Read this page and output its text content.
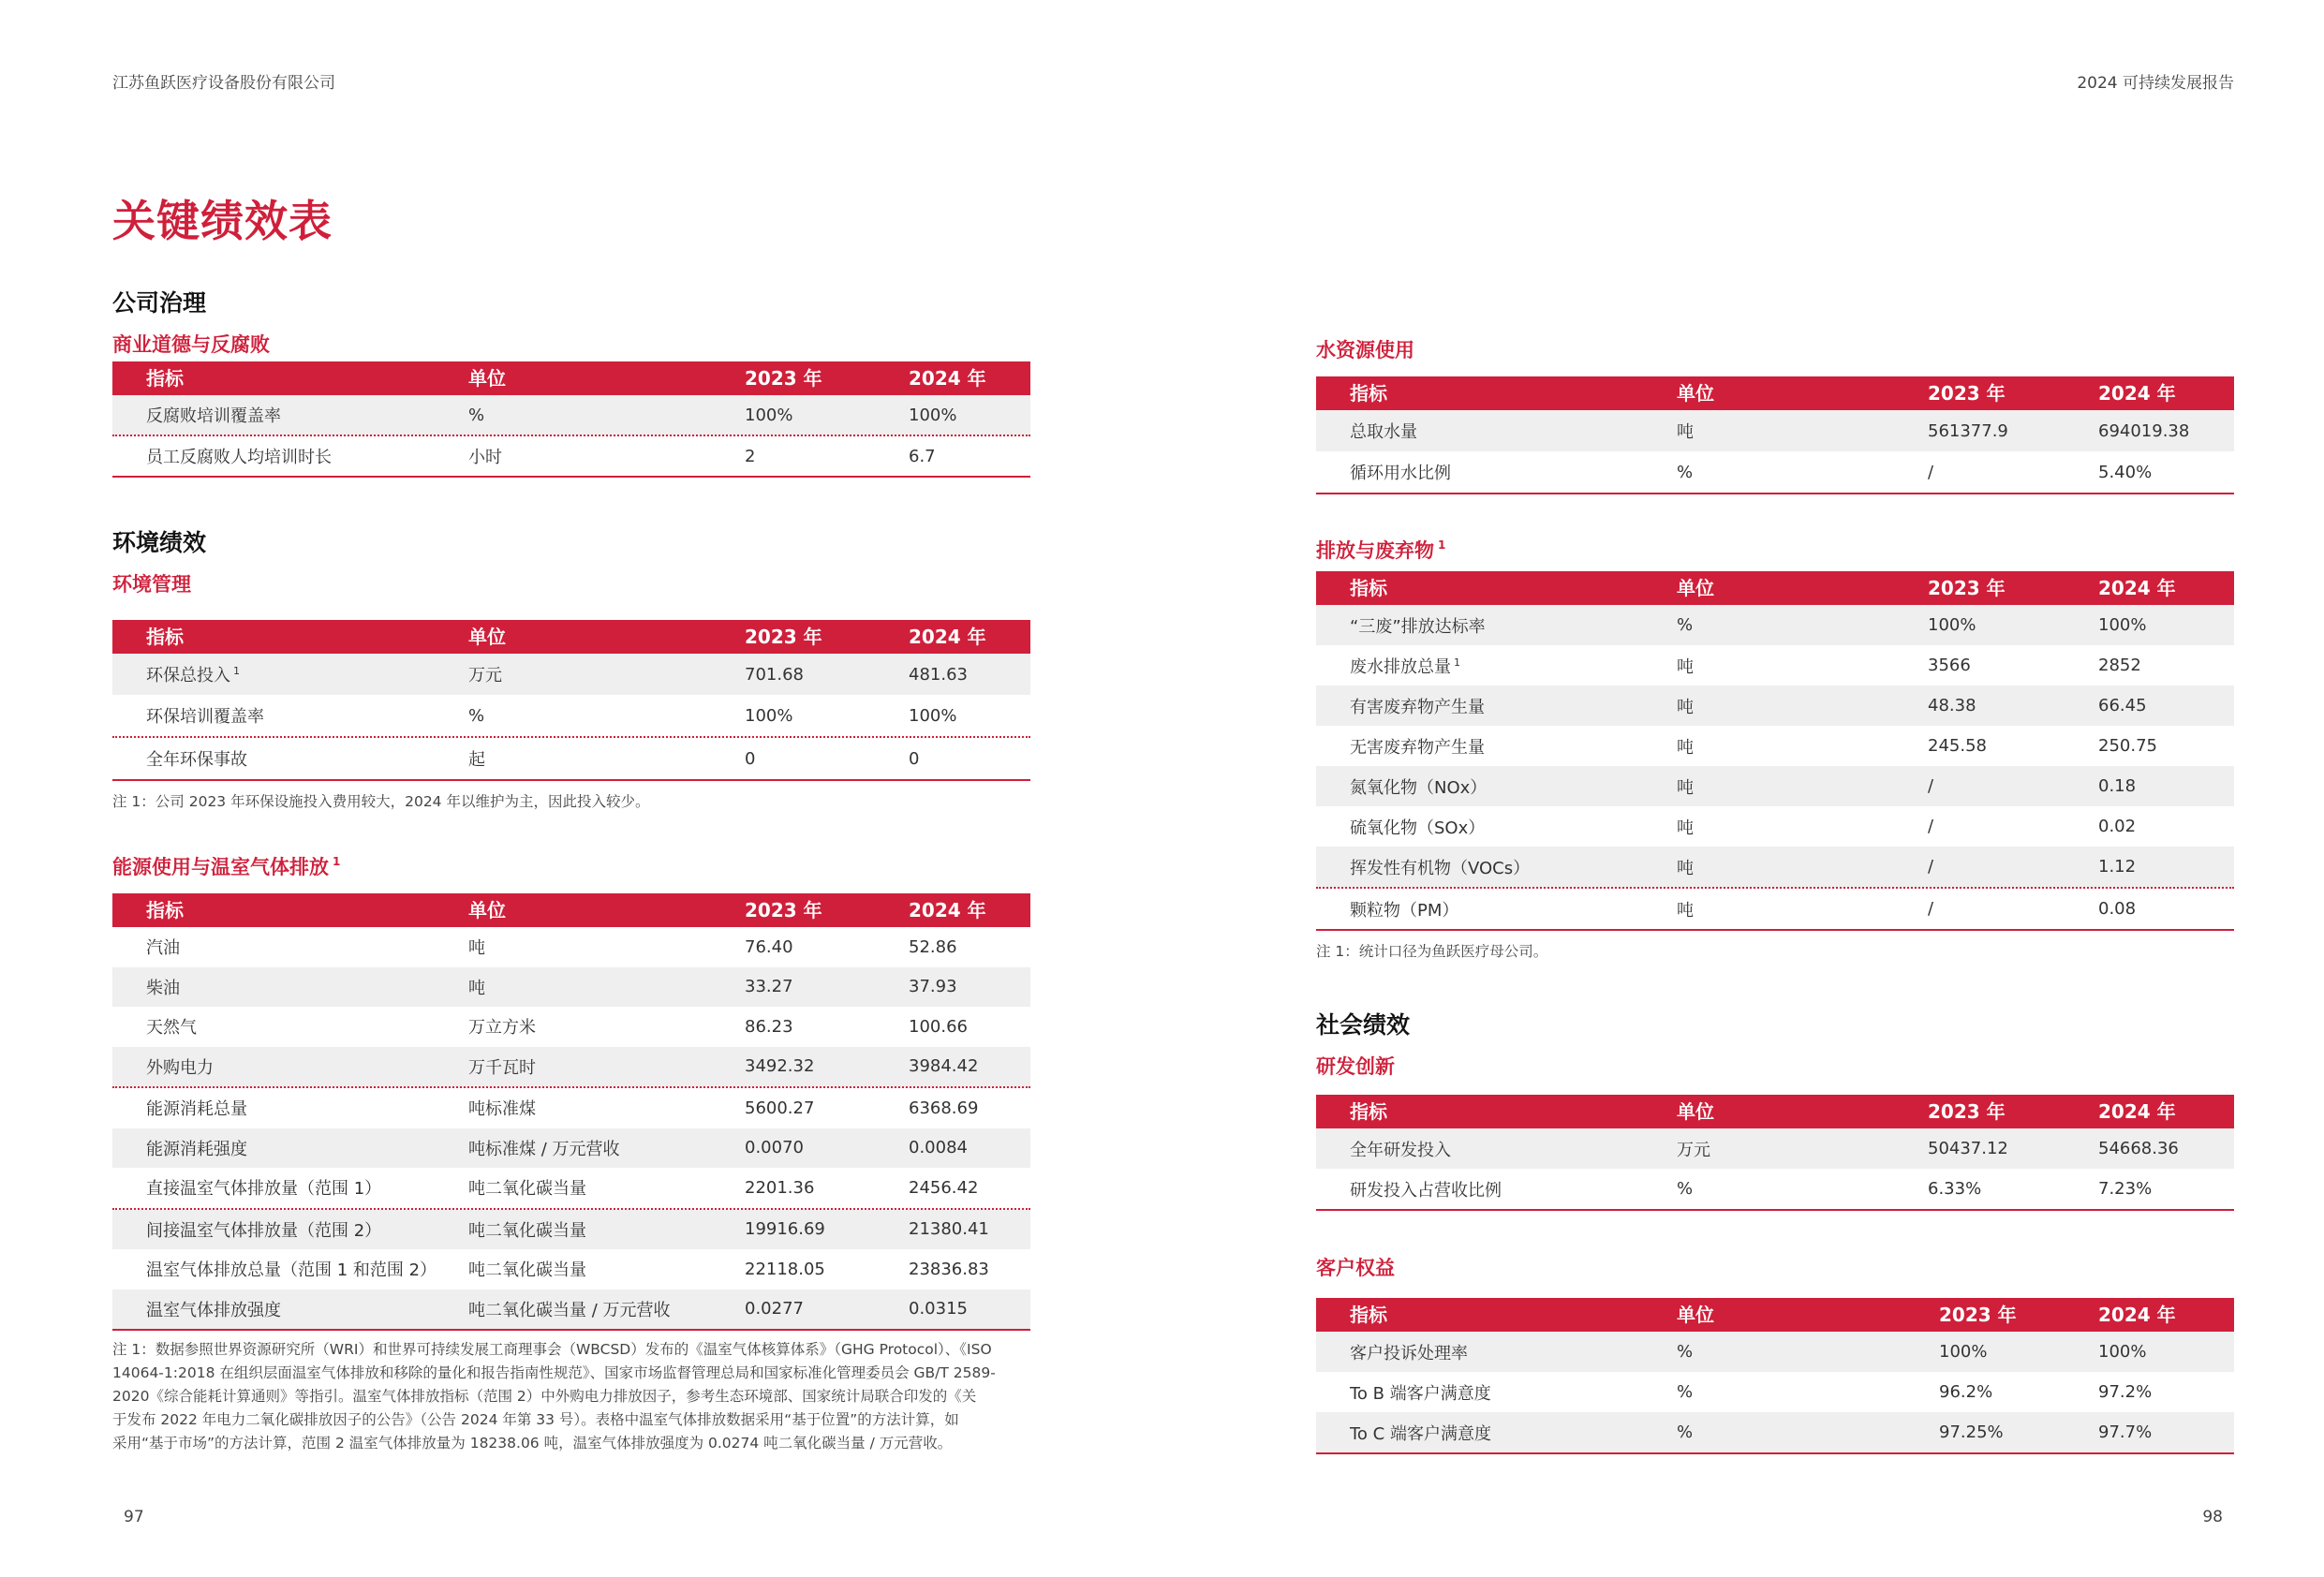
江苏鱼跃医疗设备股份有限公司
关键绩效表
公司治理
商业道德与反腐败
指标	单位	2023 年	2024 年
反腐败培训覆盖率	%	100%	100%
员工反腐败人均培训时长	小时	2	6.7
环境绩效
环境管理
指标	单位	2023 年	2024 年
环保总投入 $^1$	万元	701.68	481.63
环保培训覆盖率	%	100%	100%
全年环保事故	起	0	0
注 1：公司 2023 年环保设施投入费用较大，2024 年以维护为主，因此投入较少。
能源使用与温室气体排放 $^1$
指标	单位	2023 年	2024 年
汽油	吨	76.40	52.86
柴油	吨	33.27	37.93
天然气	万立方米	86.23	100.66
外购电力	万千瓦时	3492.32	3984.42
能源消耗总量	吨标准煤	5600.27	6368.69
能源消耗强度	吨标准煤 / 万元营收	0.0070	0.0084
直接温室气体排放量（范围 1）	吨二氧化碳当量	2201.36	2456.42
间接温室气体排放量（范围 2）	吨二氧化碳当量	19916.69	21380.41
温室气体排放总量（范围 1 和范围 2）	吨二氧化碳当量	22118.05	23836.83
温室气体排放强度	吨二氧化碳当量 / 万元营收	0.0277	0.0315
注 1：数据参照世界资源研究所（WRI）和世界可持续发展工商理事会（WBCSD）发布的《温室气体核算体系》（GHG Protocol）、《ISO
14064-1:2018 在组织层面温室气体排放和移除的量化和报告指南性规范》、国家市场监督管理总局和国家标准化管理委员会 GB/T 2589-
2020《综合能耗计算通则》等指引。温室气体排放指标（范围 2）中外购电力排放因子，参考生态环境部、国家统计局联合印发的《关
于发布 2022 年电力二氧化碳排放因子的公告》（公告 2024 年第 33 号）。表格中温室气体排放数据采用“基于位置”的方法计算，如
采用“基于市场”的方法计算，范围 2 温室气体排放量为 18238.06 吨，温室气体排放强度为 0.0274 吨二氧化碳当量 / 万元营收。
97
2024 可持续发展报告
水资源使用
指标	单位	2023 年	2024 年
总取水量	吨	561377.9	694019.38
循环用水比例	%	/	5.40%
排放与废弃物 $^1$
指标	单位	2023 年	2024 年
“三废”排放达标率	%	100%	100%
废水排放总量 $^1$	吨	3566	2852
有害废弃物产生量	吨	48.38	66.45
无害废弃物产生量	吨	245.58	250.75
氮氧化物（NOx）	吨	/	0.18
硫氧化物（SOx）	吨	/	0.02
挥发性有机物（VOCs）	吨	/	1.12
颗粒物（PM）	吨	/	0.08
注 1：统计口径为鱼跃医疗母公司。
社会绩效
研发创新
指标	单位	2023 年	2024 年
全年研发投入	万元	50437.12	54668.36
研发投入占营收比例	%	6.33%	7.23%
客户权益
指标	单位	2023 年	2024 年
客户投诉处理率	%	100%	100%
To B 端客户满意度	%	96.2%	97.2%
To C 端客户满意度	%	97.25%	97.7%
98
